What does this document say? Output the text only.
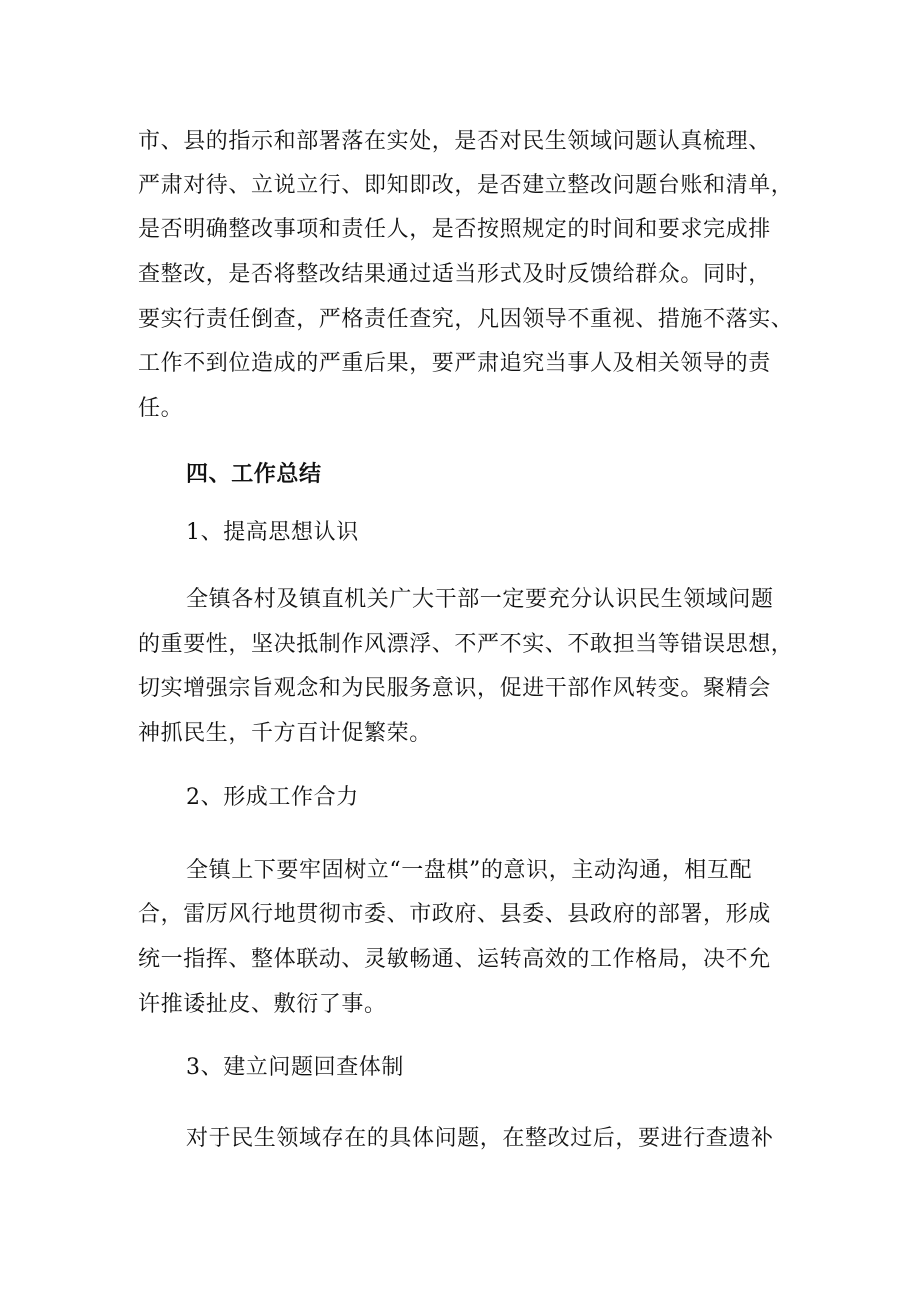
市、县的指示和部署落在实处，是否对民生领域问题认真梳理、
严肃对待、立说立行、即知即改，是否建立整改问题台账和清单，
是否明确整改事项和责任人，是否按照规定的时间和要求完成排
查整改，是否将整改结果通过适当形式及时反馈给群众。同时，
要实行责任倒查，严格责任查究，凡因领导不重视、措施不落实、
工作不到位造成的严重后果，要严肃追究当事人及相关领导的责
任。
四、工作总结
1、提高思想认识
全镇各村及镇直机关广大干部一定要充分认识民生领域问题
的重要性，坚决抵制作风漂浮、不严不实、不敢担当等错误思想，
切实增强宗旨观念和为民服务意识，促进干部作风转变。聚精会
神抓民生，千方百计促繁荣。
2、形成工作合力
全镇上下要牢固树立“一盘棋”的意识，主动沟通，相互配
合，雷厉风行地贯彻市委、市政府、县委、县政府的部署，形成
统一指挥、整体联动、灵敏畅通、运转高效的工作格局，决不允
许推诿扯皮、敷衍了事。
3、建立问题回查体制
对于民生领域存在的具体问题，在整改过后，要进行查遗补
